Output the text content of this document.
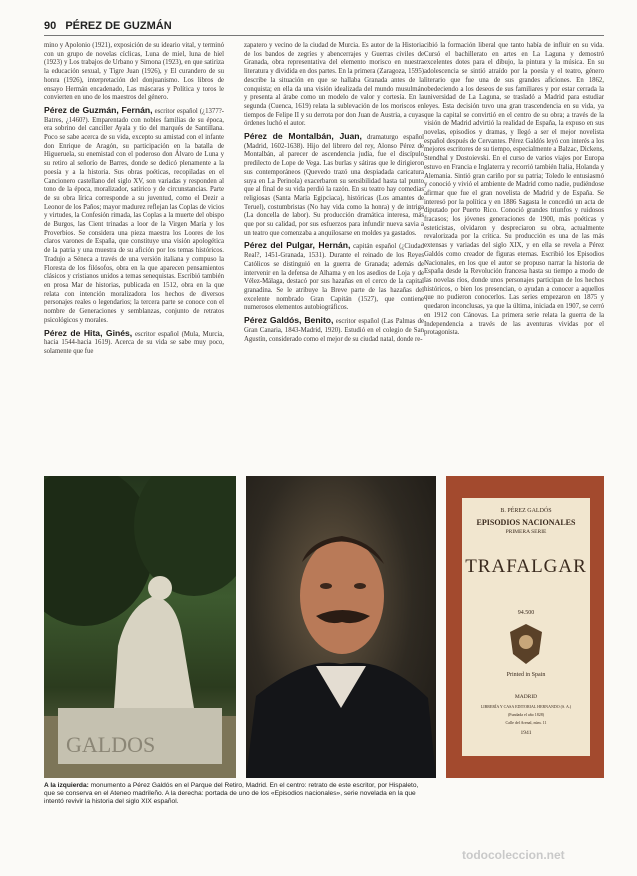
90 PÉREZ DE GUZMÁN

mino y Apolonio (1921), exposición de su ideario vital, y terminó con un grupo de novelas cíclicas, Luna de miel, luna de hiel (1923) y Los trabajos de Urbano y Simona (1923), en que satiriza la educación sexual, y Tigre Juan (1926), y El curandero de su honra (1926), interpretación del donjuanismo. Los libros de ensayo Hermán encadenado, Las máscaras y Política y toros le convierten en uno de los maestros del género.

Pérez de Guzmán, Fernán, escritor español (¿1377?-Batres, ¿1460?). Emparentado con nobles familias de su época, era sobrino del canciller Ayala y tío del marqués de Santillana. Poco se sabe acerca de su vida, excepto su amistad con el infante don Enrique de Aragón, su participación en la batalla de Higueruela, su enemistad con el poderoso don Álvaro de Luna y su retiro al señorío de Barres, donde se dedicó plenamente a la poesía y a la historia. Sus obras poéticas, recopiladas en el Cancionero castellano del siglo XV, son variadas y responden al tono de la época, moralizador, satírico y de circunstancias. Parte de su obra lírica corresponde a su juventud, como el Dezir a Leonor de los Paños; mayor madurez reflejan las Coplas de vicios y virtudes, la Confesión rimada, las Coplas a la muerte del obispo de Burgos, las Cient trinadas a loor de la Virgen María y los Proverbios. Se considera una pieza maestra los Loores de los claros varones de España, que constituye una visión apologética de la patria y una muestra de su afición por los temas históricos. Tradujo a Séneca a través de una versión italiana y compuso la Floresta de los filósofos, obra en la que aparecen pensamientos clásicos y cristianos unidos a temas senequistas. Escribió también en prosa Mar de historias, publicada en 1512, obra en la que relata con intención moralizadora los hechos de diversos personajes reales o legendarios; la tercera parte se conoce con el nombre de Generaciones y semblanzas, conjunto de retratos psicológicos y morales.

Pérez de Hita, Ginés, escritor español (Mula, Murcia, hacia 1544-hacia 1619). Acerca de su vida se sabe muy poco, solamente que fue

zapatero y vecino de la ciudad de Murcia. Es autor de la Historia de los bandos de zegríes y abencerrajes y Guerras civiles de Granada, obra representativa del elemento morisco en nuestra literatura y dividida en dos partes. En la primera (Zaragoza, 1595) describe la situación en que se hallaba Granada antes de la conquista; en ella da una visión idealizada del mundo musulmán y presenta al árabe como un modelo de valor y cortesía. En la segunda (Cuenca, 1619) relata la sublevación de los moriscos en tiempos de Felipe II y su derrota por don Juan de Austria, a cuyas órdenes luchó el autor.

Pérez de Montalbán, Juan, dramaturgo español (Madrid, 1602-1638). Hijo del librero del rey, Alonso Pérez de Montalbán, al parecer de ascendencia judía, fue el discípulo predilecto de Lope de Vega. Las burlas y sátiras que le dirigieron sus contemporáneos (Quevedo trazó una despiadada caricatura suya en La Perinola) exacerbaron su sensibilidad hasta tal punto que al final de su vida perdió la razón. En su teatro hay comedias religiosas (Santa María Egipciaca), históricas (Los amantes de Teruel), costumbristas (No hay vida como la honra) y de intriga (La doncella de labor). Su producción dramática interesa, más que por su calidad, por sus esfuerzos para infundir nueva savia a un teatro que comenzaba a anquilosarse en moldes ya gastados.

Pérez del Pulgar, Hernán, capitán español (¿Ciudad Real?, 1451-Granada, 1531). Durante el reinado de los Reyes Católicos se distinguió en la guerra de Granada; además de intervenir en la defensa de Alhama y en los asedios de Loja y de Vélez-Málaga, destacó por sus hazañas en el cerco de la capital granadina. Se le atribuye la Breve parte de las hazañas del excelente nombrado Gran Capitán (1527), que contiene numerosos elementos autobiográficos.

Pérez Galdós, Benito, escritor español (Las Palmas de Gran Canaria, 1843-Madrid, 1920). Estudió en el colegio de San Agustín, considerado como el mejor de su ciudad natal, donde re-

cibió la formación liberal que tanto había de influir en su vida. Cursó el bachillerato en artes en La Laguna y demostró excelentes dotes para el dibujo, la pintura y la música. En su adolescencia se sintió atraído por la poesía y el teatro, género literario que fue una de sus grandes aficiones. En 1862, obedeciendo a los deseos de sus familiares y por estar cerrada la universidad de La Laguna, se trasladó a Madrid para estudiar leyes. Esta decisión tuvo una gran trascendencia en su vida, ya que la capital se convirtió en el centro de su obra; a través de la visión de Madrid advirtió la realidad de España, la expuso en sus novelas, episodios y dramas, y llegó a ser el mejor novelista español después de Cervantes. Pérez Galdós leyó con interés a los mejores escritores de su tiempo, especialmente a Balzac, Dickens, Stendhal y Dostoievski. En el curso de varios viajes por Europa estuvo en Francia e Inglaterra y recorrió también Italia, Holanda y Alemania. Sintió gran cariño por su patria; Toledo le entusiasmó y conoció y vivió el ambiente de Madrid como nadie, pudiéndose afirmar que fue el gran novelista de Madrid y de España. Se interesó por la política y en 1886 Sagasta le concedió un acta de diputado por Puerto Rico. Conoció grandes triunfos y ruidosos fracasos; los jóvenes generaciones de 1900, más poéticas y esteticistas, olvidaron y despreciaron su obra, actualmente revalorizada por la crítica. Su producción es una de las más extensas y variadas del siglo XIX, y en ella se revela a Pérez Galdós como creador de figuras eternas. Escribió los Episodios Nacionales, en los que el autor se propuso narrar la historia de España desde la Revolución francesa hasta su tiempo a modo de las novelas ríos, donde unos personajes participan de los hechos históricos, o bien los presencian, o ayudan a conocer a aquellos que no pudieron conocerlos. Las series empezaron en 1875 y quedaron inconclusas, ya que la última, iniciada en 1907, se cerró en 1912 con Cánovas. La primera serie relata la guerra de la Independencia a través de las aventuras vividas por el protagonista.

GALDOS
B. PÉREZ GALDÓS
EPISODIOS NACIONALES
PRIMERA SERIE
TRAFALGAR
94.500
Printed in Spain
MADRID
LIBRERÍA Y CASA EDITORIAL HERNANDO (S. A.)
(Fundada el año 1828)
Calle del Arenal, núm. 11
1941
A la izquierda: monumento a Pérez Galdós en el Parque del Retiro, Madrid. En el centro: retrato de este escritor, por Hispaleto, que se conserva en el Ateneo madrileño. A la derecha: portada de uno de los «Episodios nacionales», serie novelada en la que intentó revivir la historia del siglo XIX español.
todocoleccion.net
